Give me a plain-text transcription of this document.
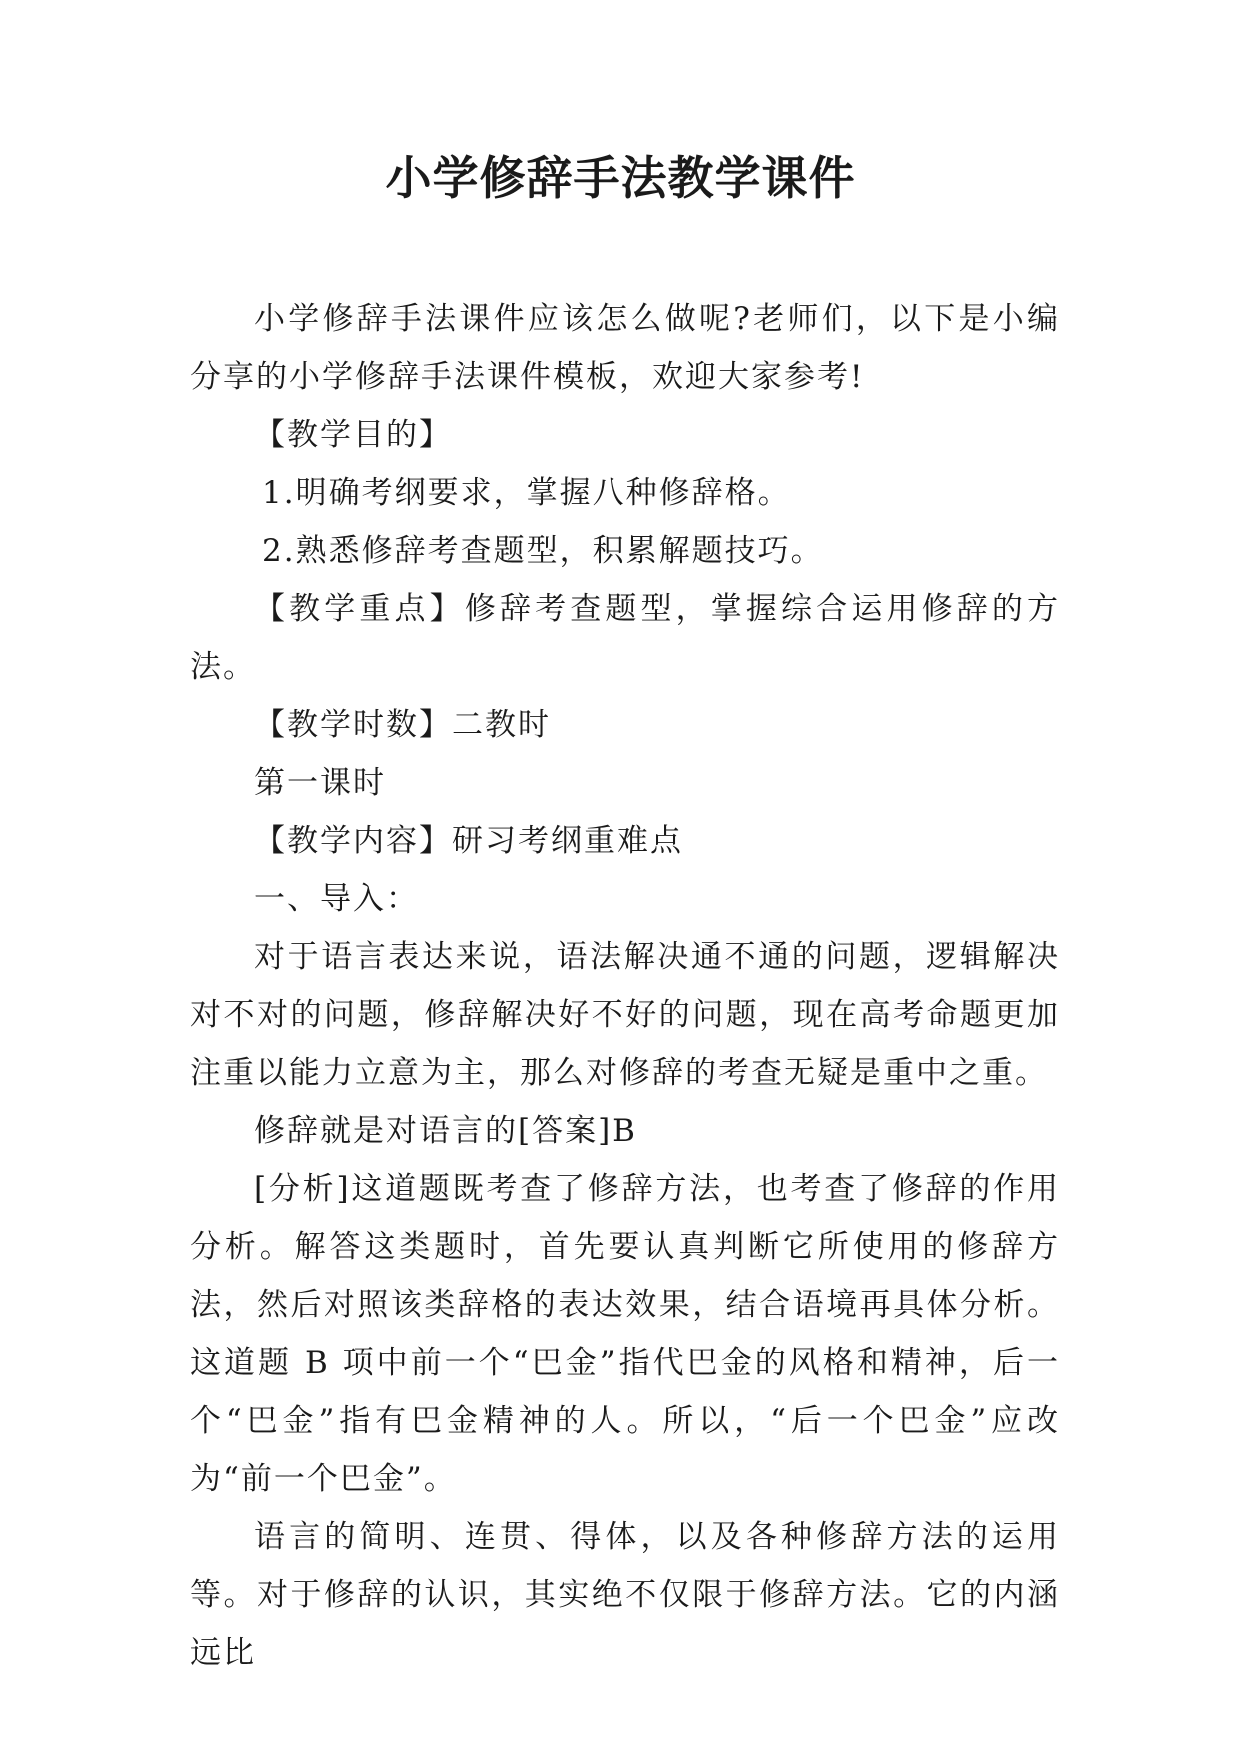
小学修辞手法教学课件

小学修辞手法课件应该怎么做呢?老师们，以下是小编分享的小学修辞手法课件模板，欢迎大家参考!

【教学目的】

1.明确考纲要求，掌握八种修辞格。

2.熟悉修辞考查题型，积累解题技巧。

【教学重点】修辞考查题型，掌握综合运用修辞的方法。

【教学时数】二教时

第一课时

【教学内容】研习考纲重难点

一、导入：

对于语言表达来说，语法解决通不通的问题，逻辑解决对不对的问题，修辞解决好不好的问题，现在高考命题更加注重以能力立意为主，那么对修辞的考查无疑是重中之重。

修辞就是对语言的[答案]B

[分析]这道题既考查了修辞方法，也考查了修辞的作用分析。解答这类题时，首先要认真判断它所使用的修辞方法，然后对照该类辞格的表达效果，结合语境再具体分析。这道题 B 项中前一个“巴金”指代巴金的风格和精神，后一个“巴金”指有巴金精神的人。所以，“后一个巴金”应改为“前一个巴金”。

语言的简明、连贯、得体，以及各种修辞方法的运用等。对于修辞的认识，其实绝不仅限于修辞方法。它的内涵远比
